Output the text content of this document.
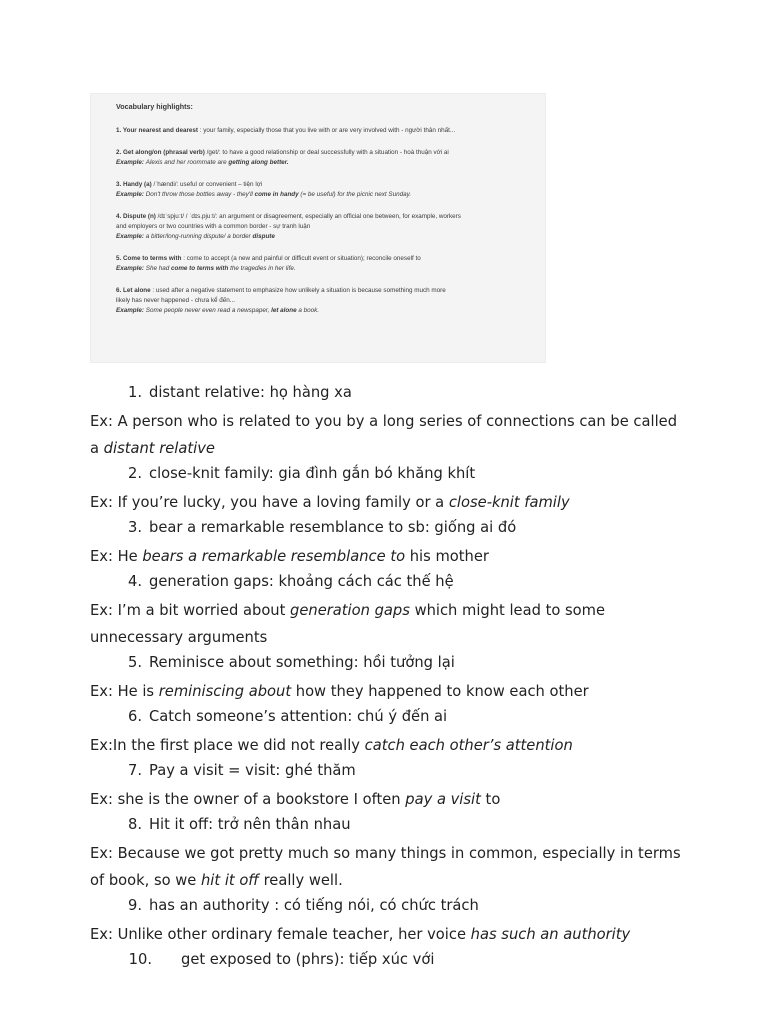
Vocabulary highlights:
1. Your nearest and dearest : your family, especially those that you live with or are very involved with - người thân nhất...
2. Get along/on (phrasal verb) /get/: to have a good relationship or deal successfully with a situation - hoà thuận với ai
Example: Alexis and her roommate are getting along better.
3. Handy (a) /ˈhændi/: useful or convenient – tiện lợi
Example: Don't throw those bottles away - they'll come in handy (= be useful) for the picnic next Sunday.
4. Dispute (n) /dɪˈspjuːt/ / ˈdɪs.pjuːt/: an argument or disagreement, especially an official one between, for example, workers
and employers or two countries with a common border - sự tranh luận
Example: a bitter/long-running dispute/ a border dispute
5. Come to terms with : come to accept (a new and painful or difficult event or situation); reconcile oneself to
Example: She had come to terms with the tragedies in her life.
6. Let alone : used after a negative statement to emphasize how unlikely a situation is because something much more
likely has never happened - chưa kể đến...
Example: Some people never even read a newspaper, let alone a book.
1. distant relative: họ hàng xa
Ex: A person who is related to you by a long series of connections can be called a distant relative
2. close-knit family: gia đình gắn bó khăng khít
Ex: If you’re lucky, you have a loving family or a close-knit family
3. bear a remarkable resemblance to sb: giống ai đó
Ex: He bears a remarkable resemblance to his mother
4. generation gaps: khoảng cách các thế hệ
Ex: I’m a bit worried about generation gaps which might lead to some unnecessary arguments
5. Reminisce about something: hồi tưởng lại
Ex: He is reminiscing about how they happened to know each other
6. Catch someone’s attention: chú ý đến ai
Ex:In the first place we did not really catch each other’s attention
7. Pay a visit = visit: ghé thăm
Ex: she is the owner of a bookstore I often pay a visit to
8. Hit it off: trở nên thân nhau
Ex: Because we got pretty much so many things in common, especially in terms of book, so we hit it off really well.
9. has an authority : có tiếng nói, có chức trách
Ex: Unlike other ordinary female teacher, her voice has such an authority
10. get exposed to (phrs): tiếp xúc với
